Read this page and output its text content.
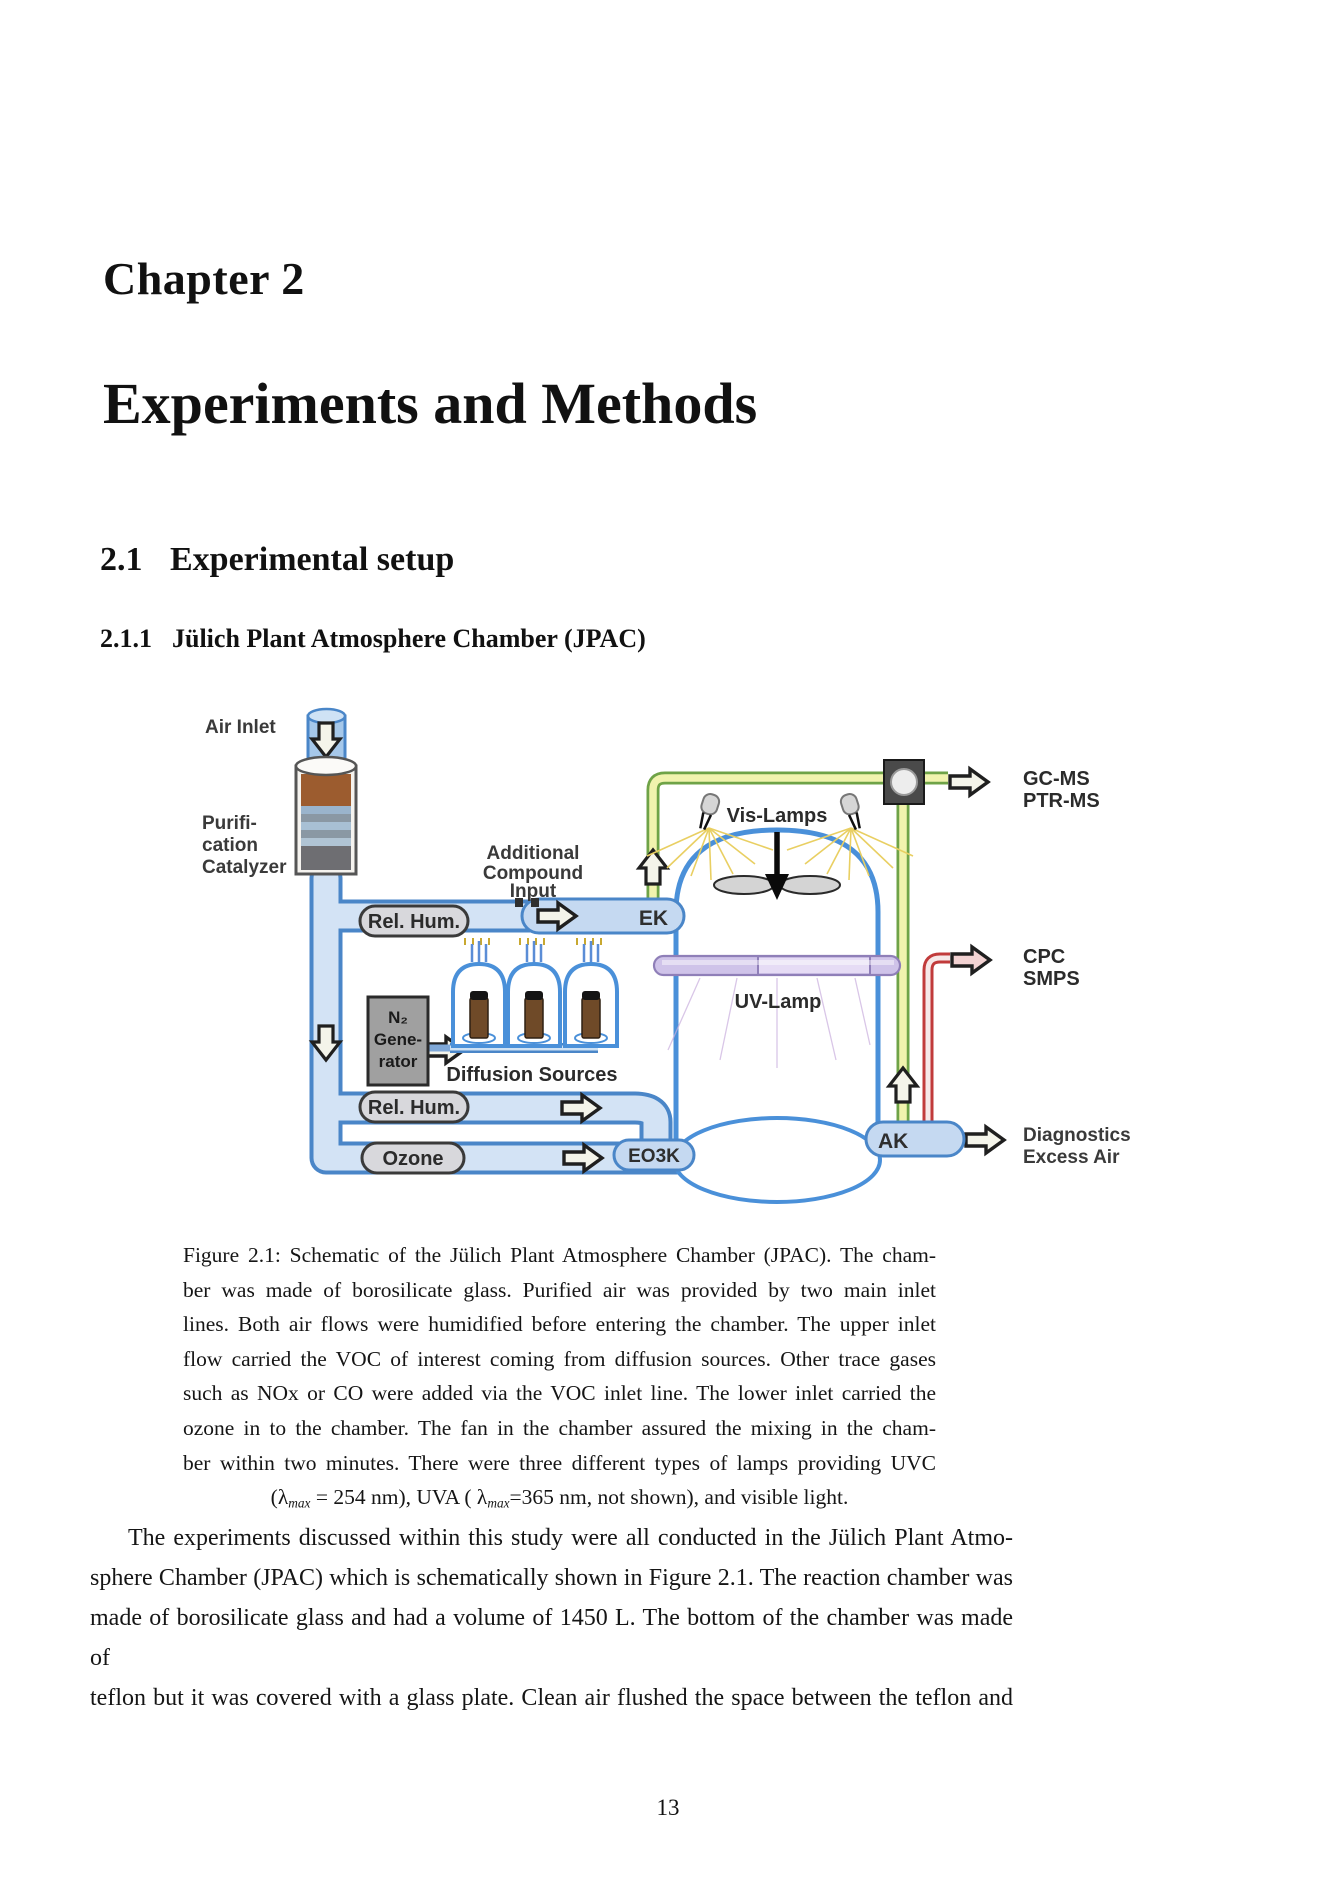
Chapter 2
Experiments and Methods
2.1 Experimental setup
2.1.1 Jülich Plant Atmosphere Chamber (JPAC)
EK
Rel. Hum.
Rel. Hum.
Ozone
N₂
Gene-
rator
EO3K
AK
Air Inlet
Purifi-
cation
Catalyzer
Additional
Compound
Input
Vis-Lamps
UV-Lamp
GC-MS
PTR-MS
CPC
SMPS
Diffusion Sources
Diagnostics
Excess Air
Figure 2.1: Schematic of the Jülich Plant Atmosphere Chamber (JPAC). The cham-
ber was made of borosilicate glass. Purified air was provided by two main inlet
lines. Both air flows were humidified before entering the chamber. The upper inlet
flow carried the VOC of interest coming from diffusion sources. Other trace gases
such as NOx or CO were added via the VOC inlet line. The lower inlet carried the
ozone in to the chamber. The fan in the chamber assured the mixing in the cham-
ber within two minutes. There were three different types of lamps providing UVC
($\lambda_{max} = 254$ nm), UVA ( $\lambda_{max}=365$ nm, not shown), and visible light.
The experiments discussed within this study were all conducted in the Jülich Plant Atmo-
sphere Chamber (JPAC) which is schematically shown in Figure 2.1. The reaction chamber was
made of borosilicate glass and had a volume of 1450 L. The bottom of the chamber was made of
teflon but it was covered with a glass plate. Clean air flushed the space between the teflon and
13
